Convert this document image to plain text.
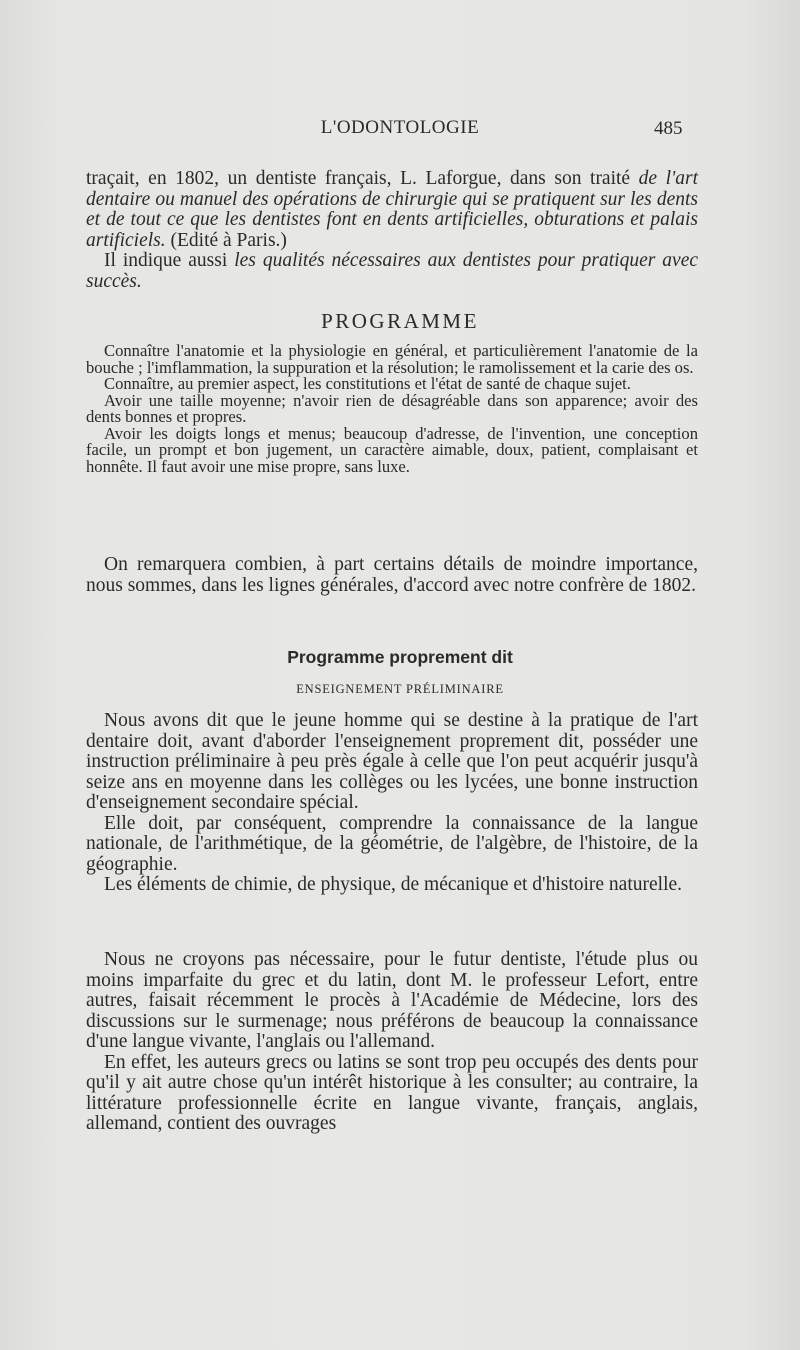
L'ODONTOLOGIE	485

traçait, en 1802, un dentiste français, L. Laforgue, dans son traité de l'art dentaire ou manuel des opérations de chirurgie qui se pratiquent sur les dents et de tout ce que les dentistes font en dents artificielles, obturations et palais artificiels. (Edité à Paris.)

Il indique aussi les qualités nécessaires aux dentistes pour pratiquer avec succès.

PROGRAMME

Connaître l'anatomie et la physiologie en général, et particulièrement l'anatomie de la bouche ; l'imflammation, la suppuration et la résolution; le ramolissement et la carie des os.

Connaître, au premier aspect, les constitutions et l'état de santé de chaque sujet.

Avoir une taille moyenne; n'avoir rien de désagréable dans son apparence; avoir des dents bonnes et propres.

Avoir les doigts longs et menus; beaucoup d'adresse, de l'invention, une conception facile, un prompt et bon jugement, un caractère aimable, doux, patient, complaisant et honnête. Il faut avoir une mise propre, sans luxe.

On remarquera combien, à part certains détails de moindre importance, nous sommes, dans les lignes générales, d'accord avec notre confrère de 1802.

Programme proprement dit
ENSEIGNEMENT PRÉLIMINAIRE

Nous avons dit que le jeune homme qui se destine à la pratique de l'art dentaire doit, avant d'aborder l'enseignement proprement dit, posséder une instruction préliminaire à peu près égale à celle que l'on peut acquérir jusqu'à seize ans en moyenne dans les collèges ou les lycées, une bonne instruction d'enseignement secondaire spécial.

Elle doit, par conséquent, comprendre la connaissance de la langue nationale, de l'arithmétique, de la géométrie, de l'algèbre, de l'histoire, de la géographie.

Les éléments de chimie, de physique, de mécanique et d'histoire naturelle.

Nous ne croyons pas nécessaire, pour le futur dentiste, l'étude plus ou moins imparfaite du grec et du latin, dont M. le professeur Lefort, entre autres, faisait récemment le procès à l'Académie de Médecine, lors des discussions sur le surmenage; nous préférons de beaucoup la connaissance d'une langue vivante, l'anglais ou l'allemand.

En effet, les auteurs grecs ou latins se sont trop peu occupés des dents pour qu'il y ait autre chose qu'un intérêt historique à les consulter; au contraire, la littérature professionnelle écrite en langue vivante, français, anglais, allemand, contient des ouvrages
